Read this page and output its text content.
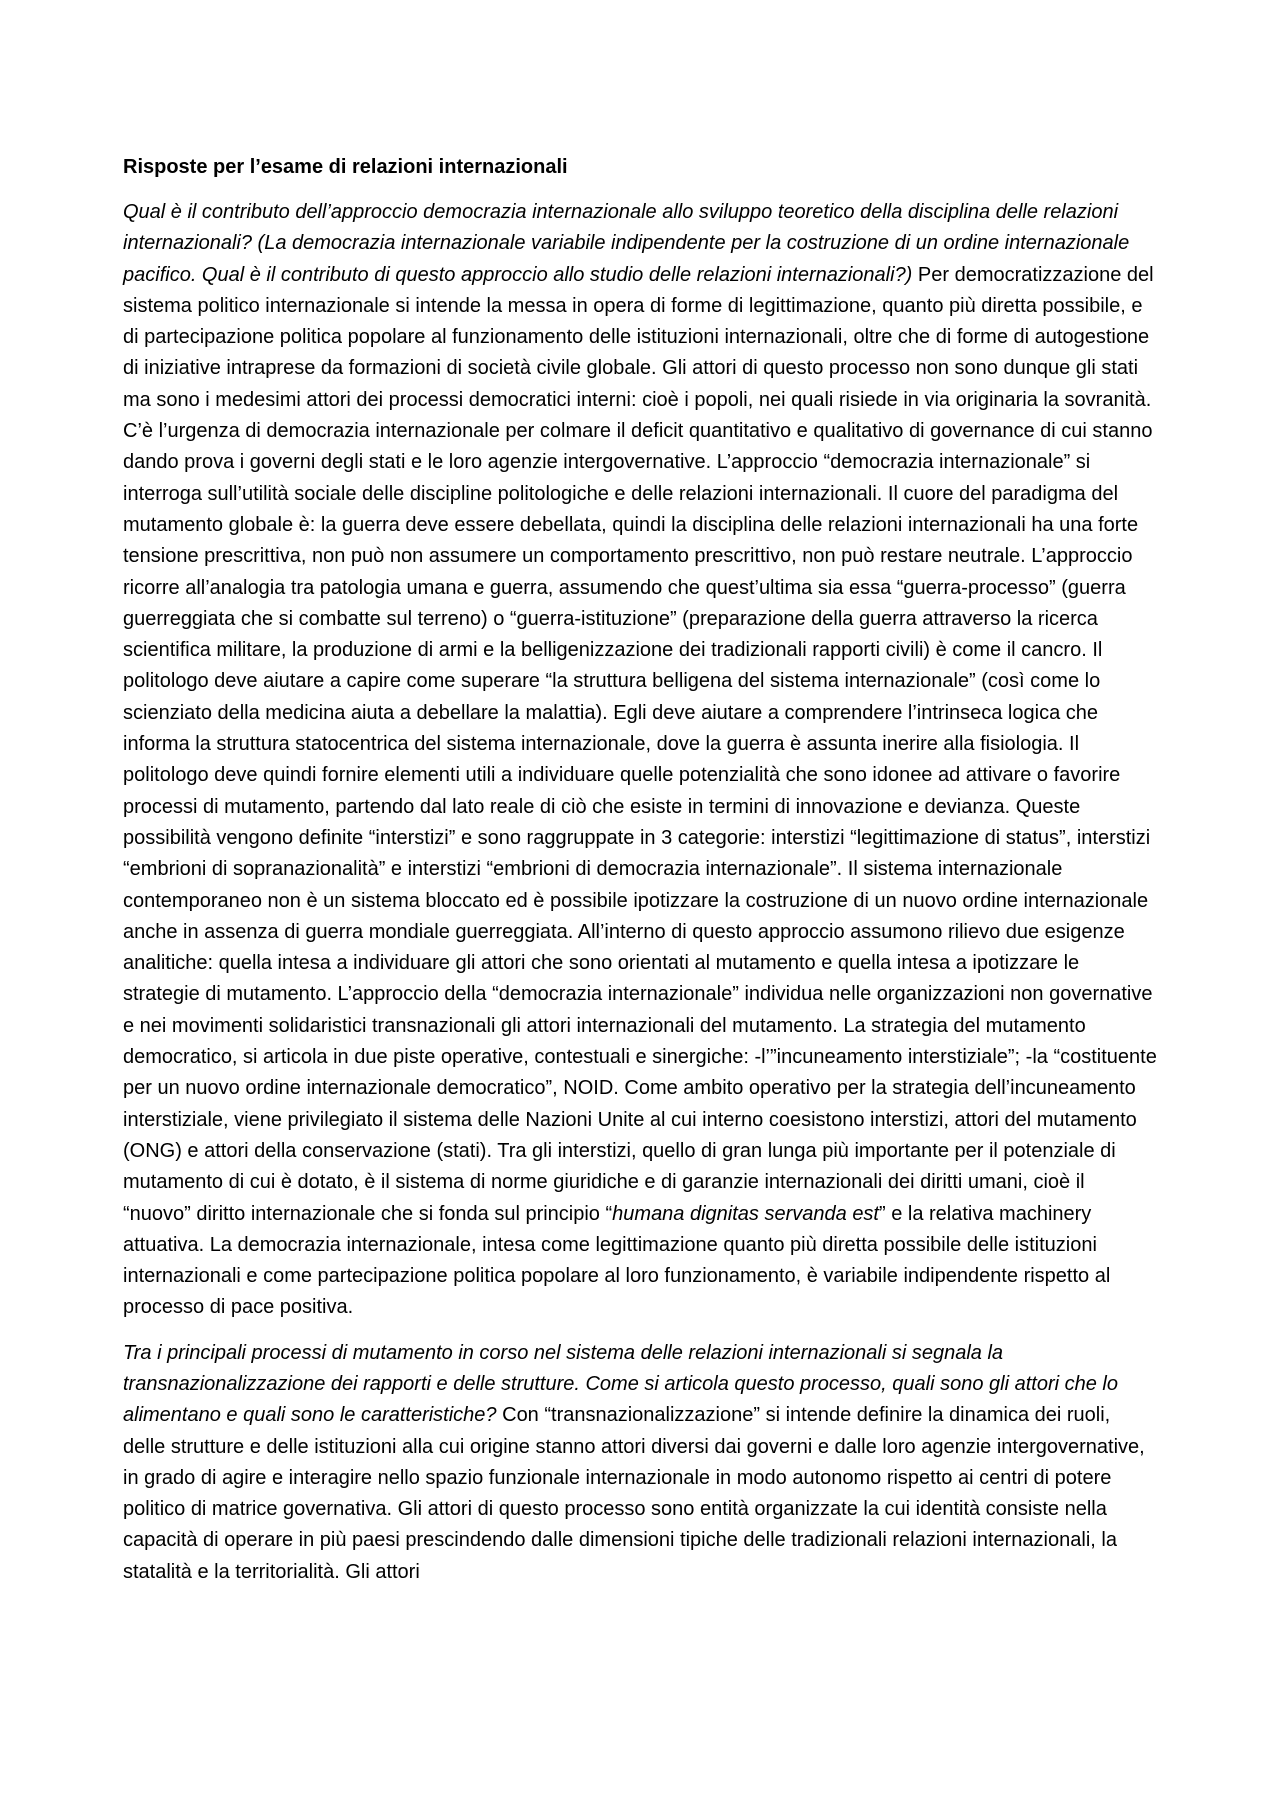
Risposte per l’esame di relazioni internazionali

Qual è il contributo dell’approccio democrazia internazionale allo sviluppo teoretico della disciplina delle relazioni internazionali? (La democrazia internazionale variabile indipendente per la costruzione di un ordine internazionale pacifico. Qual è il contributo di questo approccio allo studio delle relazioni internazionali?) Per democratizzazione del sistema politico internazionale si intende la messa in opera di forme di legittimazione, quanto più diretta possibile, e di partecipazione politica popolare al funzionamento delle istituzioni internazionali, oltre che di forme di autogestione di iniziative intraprese da formazioni di società civile globale. Gli attori di questo processo non sono dunque gli stati ma sono i medesimi attori dei processi democratici interni: cioè i popoli, nei quali risiede in via originaria la sovranità. C’è l’urgenza di democrazia internazionale per colmare il deficit quantitativo e qualitativo di governance di cui stanno dando prova i governi degli stati e le loro agenzie intergovernative. L’approccio “democrazia internazionale” si interroga sull’utilità sociale delle discipline politologiche e delle relazioni internazionali. Il cuore del paradigma del mutamento globale è: la guerra deve essere debellata, quindi la disciplina delle relazioni internazionali ha una forte tensione prescrittiva, non può non assumere un comportamento prescrittivo, non può restare neutrale. L’approccio ricorre all’analogia tra patologia umana e guerra, assumendo che quest’ultima sia essa “guerra-processo” (guerra guerreggiata che si combatte sul terreno) o “guerra-istituzione” (preparazione della guerra attraverso la ricerca scientifica militare, la produzione di armi e la belligenizzazione dei tradizionali rapporti civili) è come il cancro. Il politologo deve aiutare a capire come superare “la struttura belligena del sistema internazionale” (così come lo scienziato della medicina aiuta a debellare la malattia). Egli deve aiutare a comprendere l’intrinseca logica che informa la struttura statocentrica del sistema internazionale, dove la guerra è assunta inerire alla fisiologia. Il politologo deve quindi fornire elementi utili a individuare quelle potenzialità che sono idonee ad attivare o favorire processi di mutamento, partendo dal lato reale di ciò che esiste in termini di innovazione e devianza. Queste possibilità vengono definite “interstizi” e sono raggruppate in 3 categorie: interstizi “legittimazione di status”, interstizi “embrioni di sopranazionalità” e interstizi “embrioni di democrazia internazionale”. Il sistema internazionale contemporaneo non è un sistema bloccato ed è possibile ipotizzare la costruzione di un nuovo ordine internazionale anche in assenza di guerra mondiale guerreggiata. All’interno di questo approccio assumono rilievo due esigenze analitiche: quella intesa a individuare gli attori che sono orientati al mutamento e quella intesa a ipotizzare le strategie di mutamento. L’approccio della “democrazia internazionale” individua nelle organizzazioni non governative e nei movimenti solidaristici transnazionali gli attori internazionali del mutamento. La strategia del mutamento democratico, si articola in due piste operative, contestuali e sinergiche: -l’”incuneamento interstiziale”; -la “costituente per un nuovo ordine internazionale democratico”, NOID. Come ambito operativo per la strategia dell’incuneamento interstiziale, viene privilegiato il sistema delle Nazioni Unite al cui interno coesistono interstizi, attori del mutamento (ONG) e attori della conservazione (stati). Tra gli interstizi, quello di gran lunga più importante per il potenziale di mutamento di cui è dotato, è il sistema di norme giuridiche e di garanzie internazionali dei diritti umani, cioè il “nuovo” diritto internazionale che si fonda sul principio “humana dignitas servanda est” e la relativa machinery attuativa. La democrazia internazionale, intesa come legittimazione quanto più diretta possibile delle istituzioni internazionali e come partecipazione politica popolare al loro funzionamento, è variabile indipendente rispetto al processo di pace positiva.

Tra i principali processi di mutamento in corso nel sistema delle relazioni internazionali si segnala la transnazionalizzazione dei rapporti e delle strutture. Come si articola questo processo, quali sono gli attori che lo alimentano e quali sono le caratteristiche? Con “transnazionalizzazione” si intende definire la dinamica dei ruoli, delle strutture e delle istituzioni alla cui origine stanno attori diversi dai governi e dalle loro agenzie intergovernative, in grado di agire e interagire nello spazio funzionale internazionale in modo autonomo rispetto ai centri di potere politico di matrice governativa. Gli attori di questo processo sono entità organizzate la cui identità consiste nella capacità di operare in più paesi prescindendo dalle dimensioni tipiche delle tradizionali relazioni internazionali, la statalità e la territorialità. Gli attori
